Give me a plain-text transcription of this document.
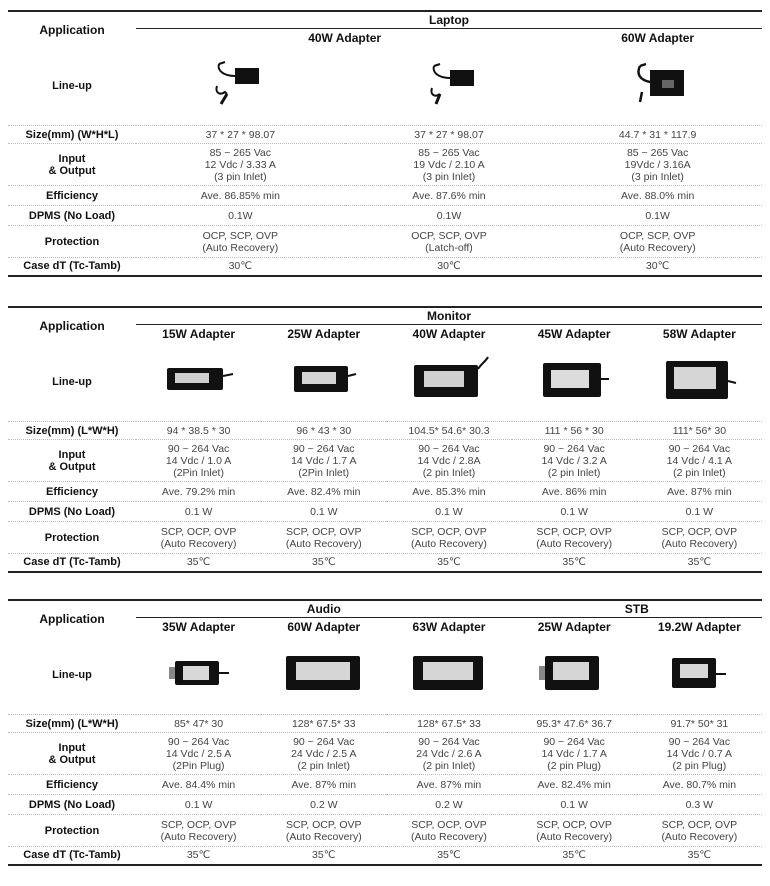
Application	Laptop		
	40W Adapter		60W Adapter
Line-up			
Size(mm) (W*H*L)	37 * 27 * 98.07	37 * 27 * 98.07	44.7 * 31 * 117.9

Input
& Output	85 ~ 265 Vac
12 Vdc / 3.33 A
(3 pin Inlet)	85 ~ 265 Vac
19 Vdc / 2.10 A
(3 pin Inlet)	85 ~ 265 Vac
19Vdc / 3.16A
(3 pin Inlet)

Efficiency	Ave. 86.85% min	Ave. 87.6% min	Ave. 88.0% min
DPMS (No Load)	0.1W	0.1W	0.1W
Protection	OCP, SCP, OVP
(Auto Recovery)	OCP, SCP, OVP
(Latch-off)	OCP, SCP, OVP
(Auto Recovery)

Case dT (Tc-Tamb)	30℃	30℃	30℃
Application	Monitor				
	15W Adapter	25W Adapter	40W Adapter	45W Adapter	58W Adapter
Line-up					
Size(mm) (L*W*H)	94 * 38.5 * 30	96 * 43 * 30	104.5* 54.6* 30.3	111 * 56 * 30	111* 56* 30

Input
& Output	90 ~ 264 Vac
14 Vdc / 1.0 A
(2Pin Inlet)	90 ~ 264 Vac
14 Vdc / 1.7 A
(2Pin Inlet)	90 ~ 264 Vac
14 Vdc / 2.8A
(2 pin Inlet)	90 ~ 264 Vac
14 Vdc / 3.2 A
(2 pin Inlet)	90 ~ 264 Vac
14 Vdc / 4.1 A
(2 pin Inlet)

Efficiency	Ave. 79.2% min	Ave. 82.4% min	Ave. 85.3% min	Ave. 86% min	Ave. 87% min
DPMS (No Load)	0.1 W	0.1 W	0.1 W	0.1 W	0.1 W
Protection	SCP, OCP, OVP
(Auto Recovery)	SCP, OCP, OVP
(Auto Recovery)	SCP, OCP, OVP
(Auto Recovery)	SCP, OCP, OVP
(Auto Recovery)	SCP, OCP, OVP
(Auto Recovery)

Case dT (Tc-Tamb)	35℃	35℃	35℃	35℃	35℃
Application	Audio			STB	
	35W Adapter	60W Adapter	63W Adapter	25W Adapter	19.2W Adapter
Line-up					
Size(mm) (L*W*H)	85* 47* 30	128* 67.5* 33	128* 67.5* 33	95.3* 47.6* 36.7	91.7* 50* 31

Input
& Output	90 ~ 264 Vac
14 Vdc / 2.5 A
(2Pin Plug)	90 ~ 264 Vac
24 Vdc / 2.5 A
(2 pin Inlet)	90 ~ 264 Vac
24 Vdc / 2.6 A
(2 pin Inlet)	90 ~ 264 Vac
14 Vdc / 1.7 A
(2 pin Plug)	90 ~ 264 Vac
14 Vdc / 0.7 A
(2 pin Plug)

Efficiency	Ave. 84.4% min	Ave. 87% min	Ave. 87% min	Ave. 82.4% min	Ave. 80.7% min
DPMS (No Load)	0.1 W	0.2 W	0.2 W	0.1 W	0.3 W
Protection	SCP, OCP, OVP
(Auto Recovery)	SCP, OCP, OVP
(Auto Recovery)	SCP, OCP, OVP
(Auto Recovery)	SCP, OCP, OVP
(Auto Recovery)	SCP, OCP, OVP
(Auto Recovery)

Case dT (Tc-Tamb)	35℃	35℃	35℃	35℃	35℃
